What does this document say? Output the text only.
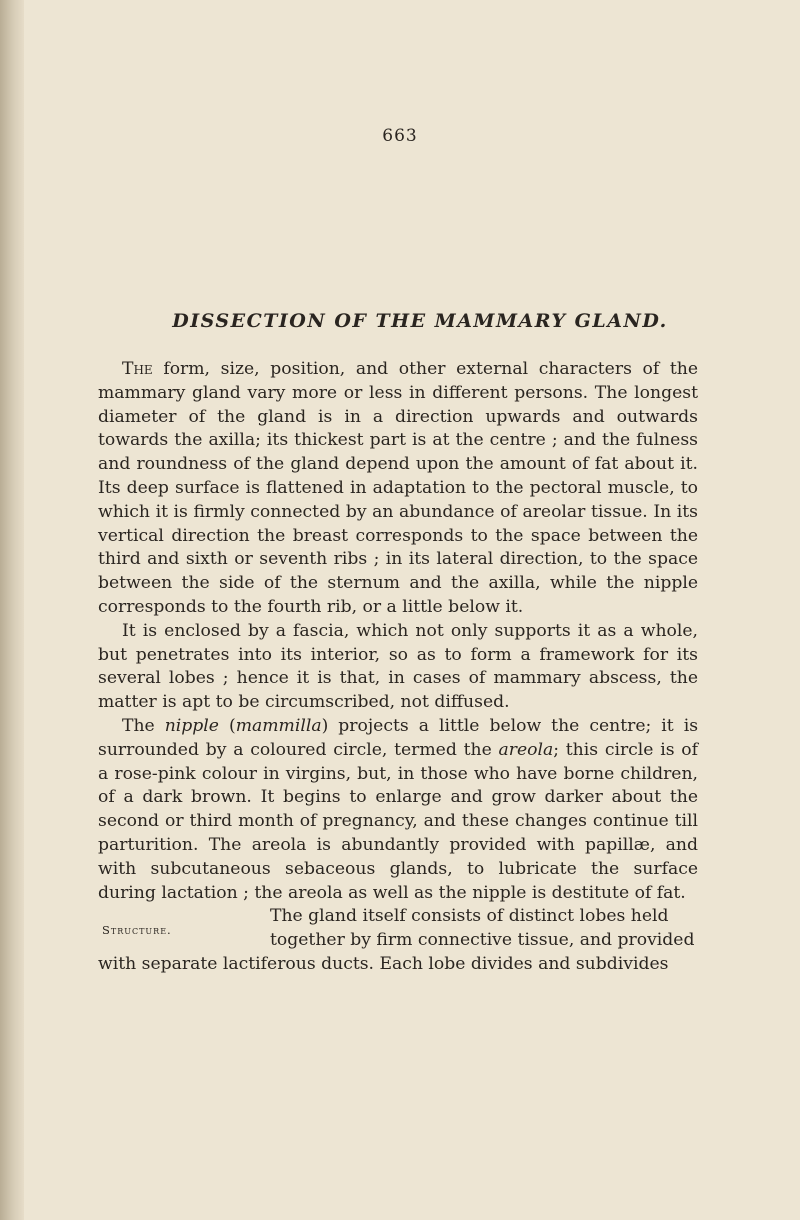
663
DISSECTION OF THE MAMMARY GLAND.

The form, size, position, and other external characters of the mammary gland vary more or less in different persons. The longest diameter of the gland is in a direction upwards and outwards towards the axilla; its thickest part is at the centre ; and the fulness and roundness of the gland depend upon the amount of fat about it. Its deep surface is flattened in adaptation to the pectoral muscle, to which it is firmly connected by an abundance of areolar tissue. In its vertical direction the breast corresponds to the space between the third and sixth or seventh ribs ; in its lateral direction, to the space between the side of the sternum and the axilla, while the nipple corresponds to the fourth rib, or a little below it.

It is enclosed by a fascia, which not only supports it as a whole, but penetrates into its interior, so as to form a framework for its several lobes ; hence it is that, in cases of mammary abscess, the matter is apt to be circumscribed, not diffused.

The nipple (mammilla) projects a little below the centre; it is surrounded by a coloured circle, termed the areola; this circle is of a rose-pink colour in virgins, but, in those who have borne children, of a dark brown. It begins to enlarge and grow darker about the second or third month of pregnancy, and these changes continue till parturition. The areola is abundantly provided with papillæ, and with subcutaneous sebaceous glands, to lubricate the surface during lactation ; the areola as well as the nipple is destitute of fat.

Structure.
The gland itself consists of distinct lobes held
together by firm connective tissue, and provided
with separate lactiferous ducts. Each lobe divides and subdivides
